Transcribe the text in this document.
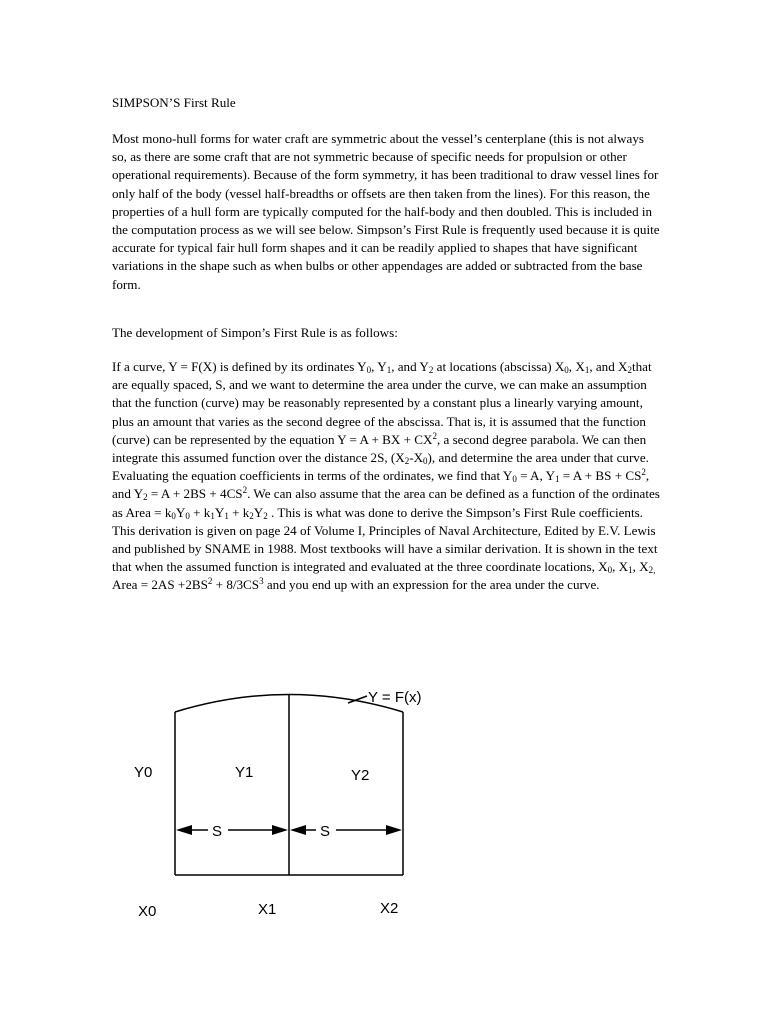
SIMPSON’S First Rule

Most mono-hull forms for water craft are symmetric about the vessel’s centerplane (this is not always so, as there are some craft that are not symmetric because of specific needs for propulsion or other operational requirements). Because of the form symmetry, it has been traditional to draw vessel lines for only half of the body (vessel half-breadths or offsets are then taken from the lines). For this reason, the properties of a hull form are typically computed for the half-body and then doubled. This is included in the computation process as we will see below. Simpson’s First Rule is frequently used because it is quite accurate for typical fair hull form shapes and it can be readily applied to shapes that have significant variations in the shape such as when bulbs or other appendages are added or subtracted from the base form.

The development of Simpon’s First Rule is as follows:

If a curve, Y = F(X) is defined by its ordinates $Y_0$, $Y_1$, and $Y_2$ at locations (abscissa) $X_0$, $X_1$, and $X_2that$ are equally spaced, S, and we want to determine the area under the curve, we can make an assumption that the function (curve) may be reasonably represented by a constant plus a linearly varying amount, plus an amount that varies as the second degree of the abscissa. That is, it is assumed that the function (curve) can be represented by the equation Y = A + BX + $CX^2$, a second degree parabola. We can then integrate this assumed function over the distance 2S, $(X_2-X_0)$, and determine the area under that curve. Evaluating the equation coefficients in terms of the ordinates, we find that $Y_0 = A$, $Y_1 = A$ + BS + $CS^2$, and $Y_2 = A + 2BS + 4CS^2$. We can also assume that the area can be defined as a function of the ordinates as Area = $k_0Y_0 + k_1Y_1 + k_2Y_2$ . This is what was done to derive the Simpson’s First Rule coefficients. This derivation is given on page 24 of Volume I, Principles of Naval Architecture, Edited by E.V. Lewis and published by SNAME in 1988. Most textbooks will have a similar derivation. It is shown in the text that when the assumed function is integrated and evaluated at the three coordinate locations, $X_0$, $X_1$, $X_{2,}$ Area = $2AS +2BS^2 + 8/3CS^3$ and you end up with an expression for the area under the curve.

Y = F(x)
Y0	Y1	Y2
S	S
X0	X1	X2
